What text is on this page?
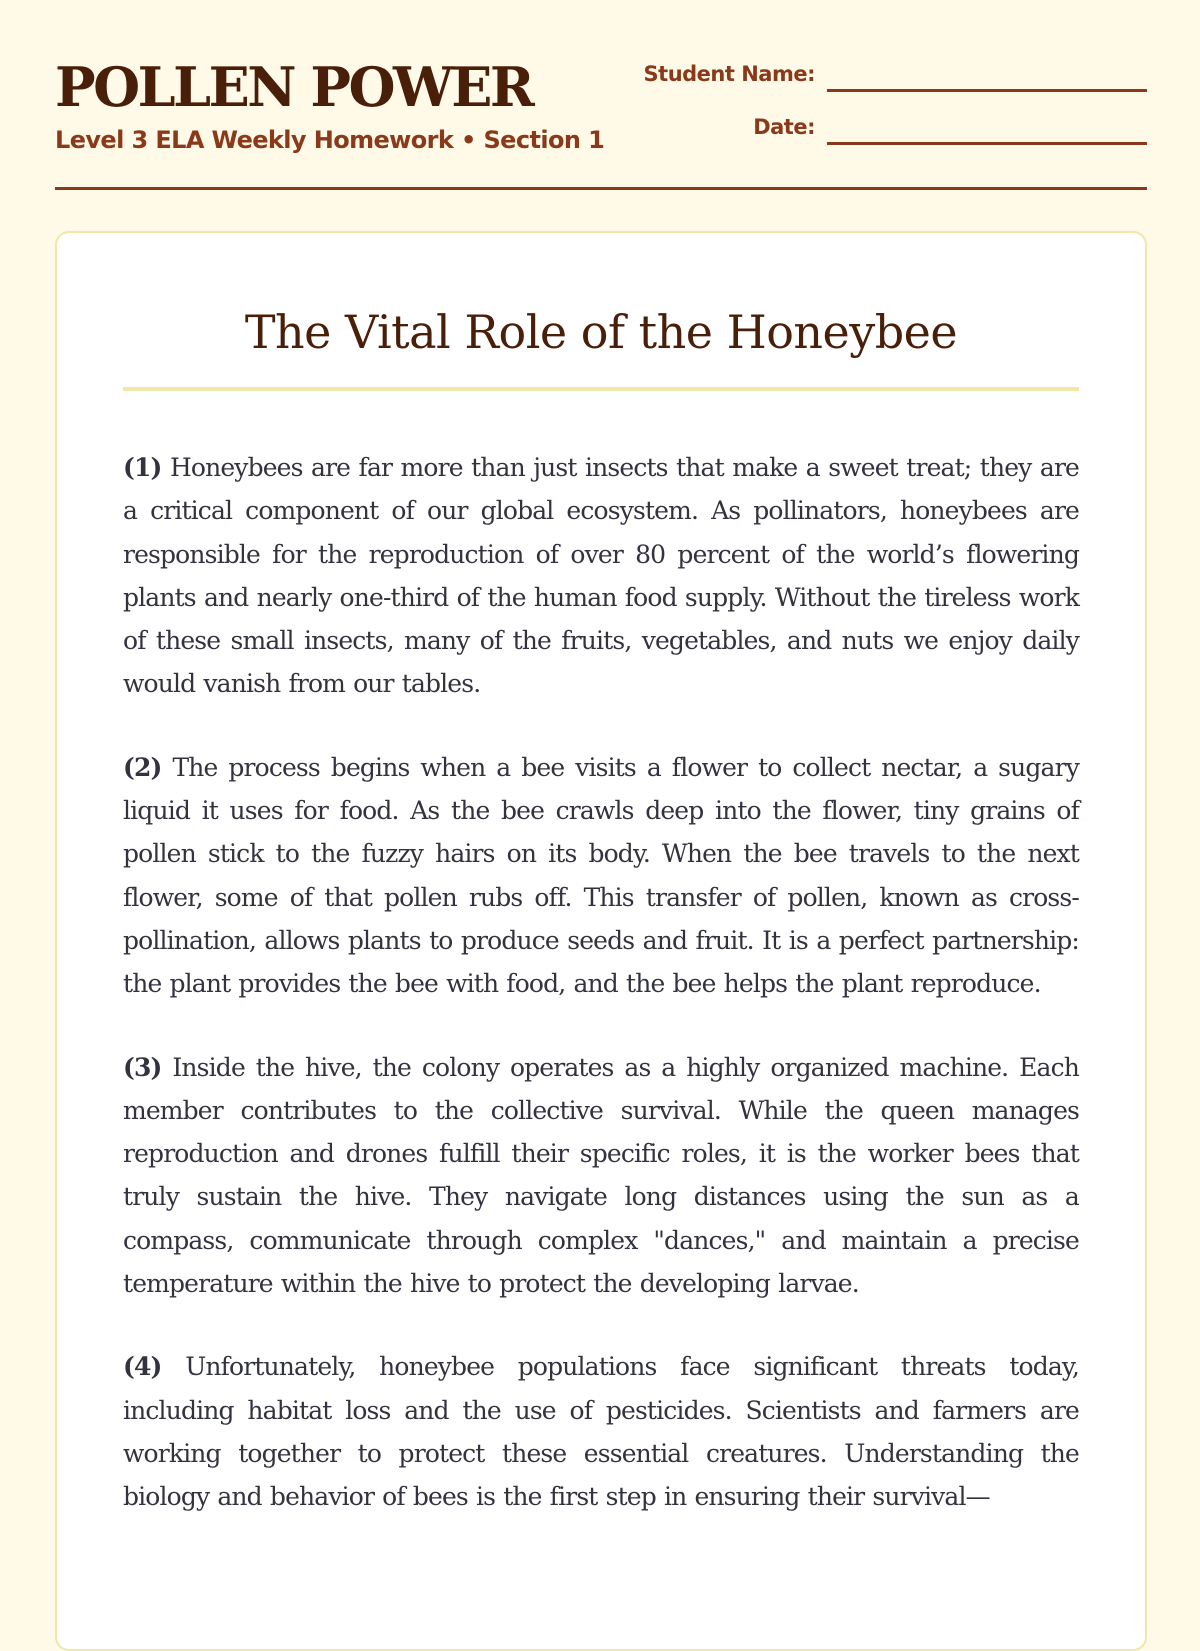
POLLEN POWER
Level 3 ELA Weekly Homework • Section 1
Student Name:
Date:
The Vital Role of the Honeybee

(1) Honeybees are far more than just insects that make a sweet treat; they are a critical component of our global ecosystem. As pollinators, honeybees are responsible for the reproduction of over 80 percent of the world’s flowering plants and nearly one-third of the human food supply. Without the tireless work of these small insects, many of the fruits, vegetables, and nuts we enjoy daily would vanish from our tables.

(2) The process begins when a bee visits a flower to collect nectar, a sugary liquid it uses for food. As the bee crawls deep into the flower, tiny grains of pollen stick to the fuzzy hairs on its body. When the bee travels to the next flower, some of that pollen rubs off. This transfer of pollen, known as cross-pollination, allows plants to produce seeds and fruit. It is a perfect partnership: the plant provides the bee with food, and the bee helps the plant reproduce.

(3) Inside the hive, the colony operates as a highly organized machine. Each member contributes to the collective survival. While the queen manages reproduction and drones fulfill their specific roles, it is the worker bees that truly sustain the hive. They navigate long distances using the sun as a compass, communicate through complex "dances," and maintain a precise temperature within the hive to protect the developing larvae.

(4) Unfortunately, honeybee populations face significant threats today, including habitat loss and the use of pesticides. Scientists and farmers are working together to protect these essential creatures. Understanding the biology and behavior of bees is the first step in ensuring their survival—
